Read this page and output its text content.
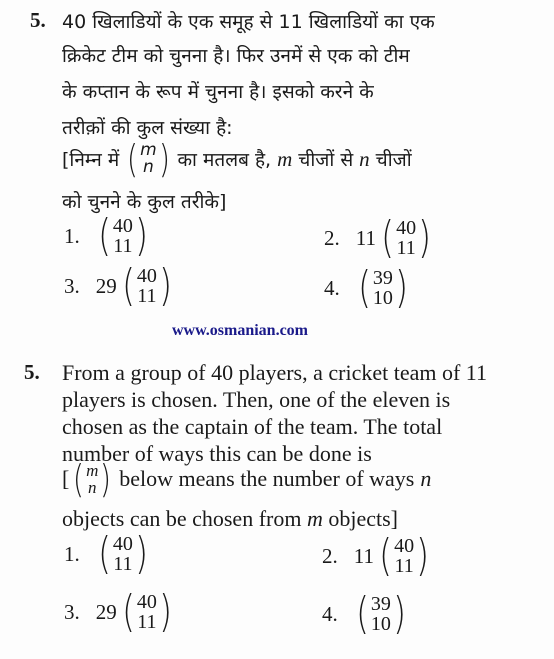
5. 40 खिलाडियों के एक समूह से 11 खिलाडियों का एक
क्रिकेट टीम को चुनना है। फिर उनमें से एक को टीम
के कप्तान के रूप में चुनना है। इसको करने के
तरीक़ों की कुल संख्या है:
[निम्न में ( m
n ) का मतलब है, m चीजों से n चीजों
को चुनने के कुल तरीके]
1. ( 40
11 )	2. 11 ( 40
11 )
3. 29 ( 40
11 )	4. ( 39
10 )
www.osmanian.com
5. From a group of 40 players, a cricket team of 11
players is chosen. Then, one of the eleven is
chosen as the captain of the team. The total
number of ways this can be done is
[ ( m
n ) below means the number of ways n
objects can be chosen from m objects]
1. ( 40
11 )	2. 11 ( 40
11 )
3. 29 ( 40
11 )	4. ( 39
10 )
